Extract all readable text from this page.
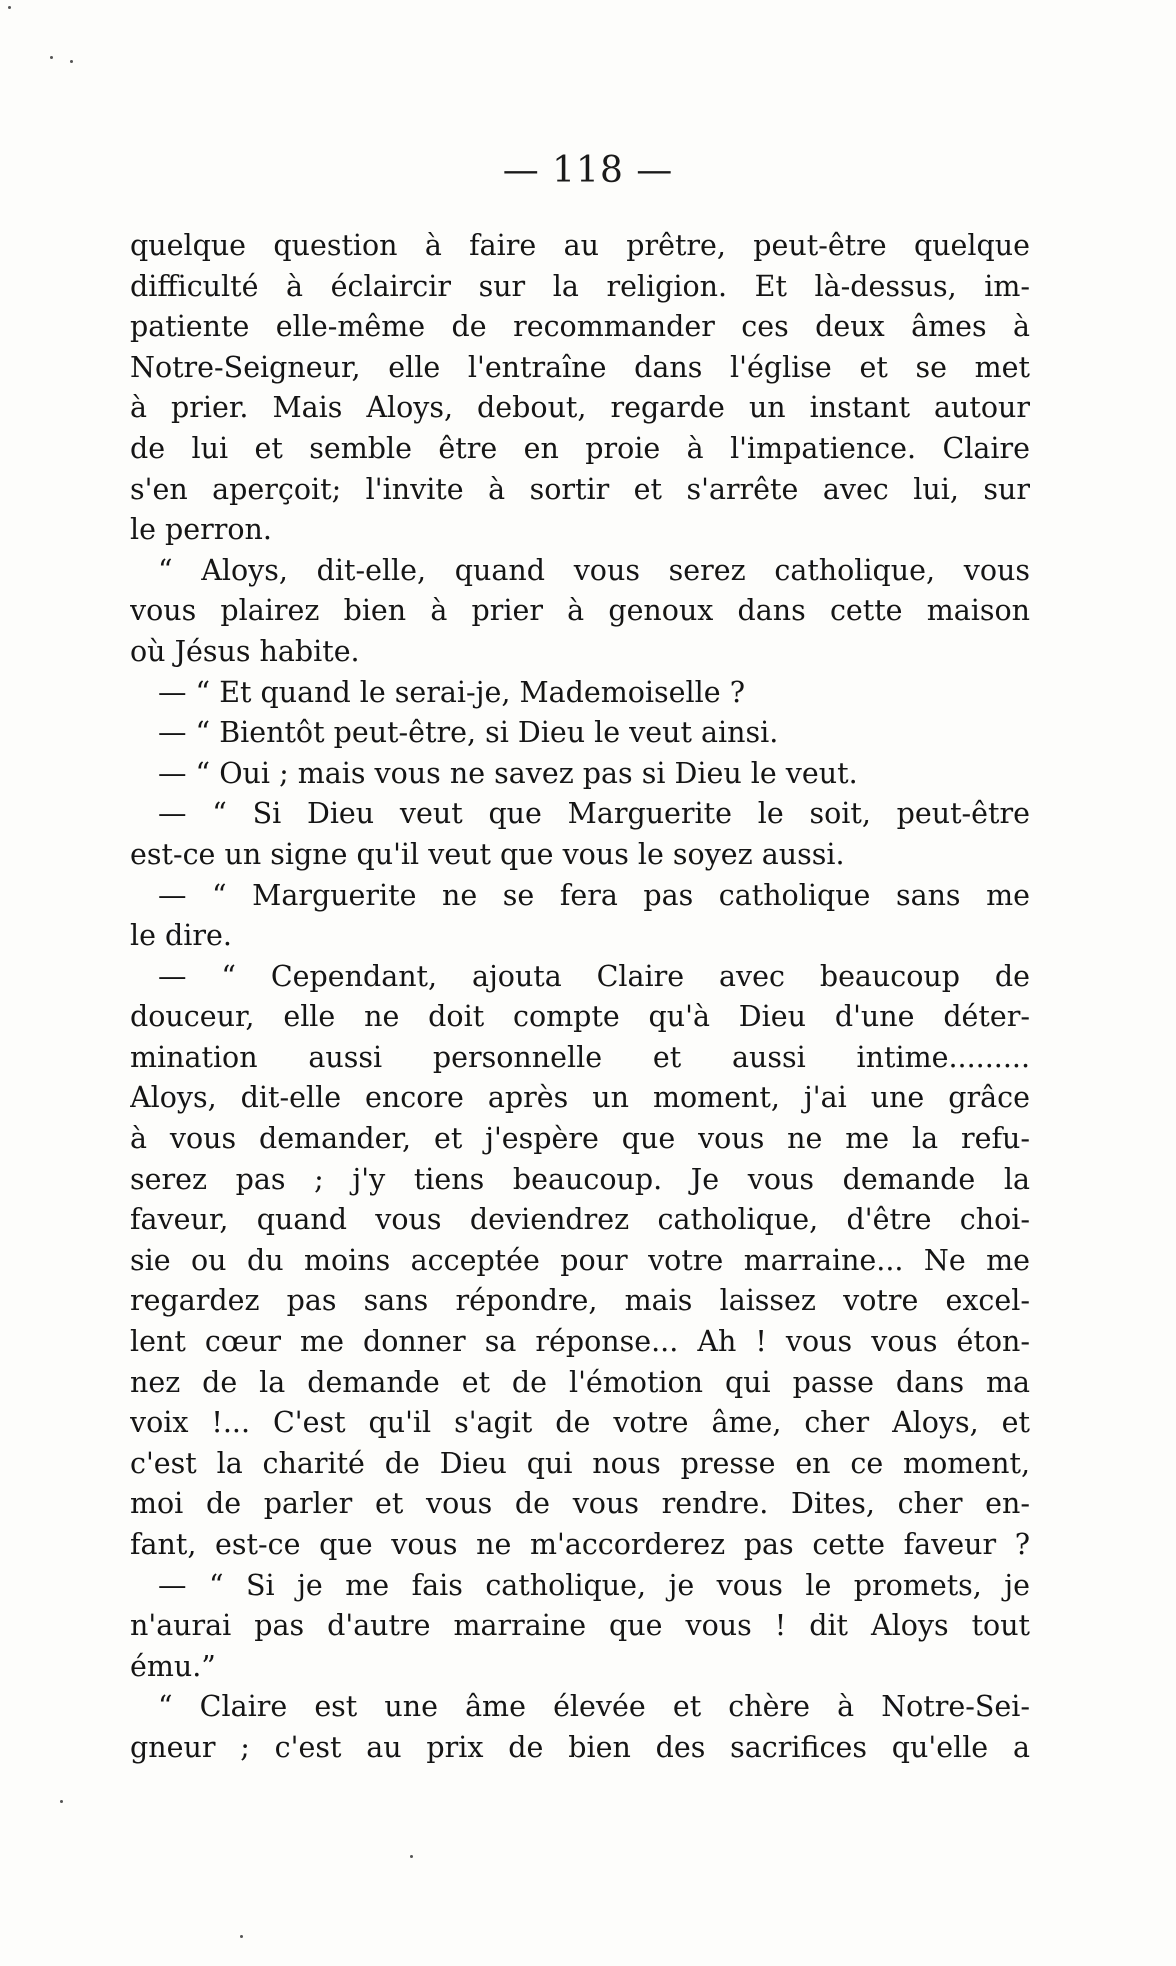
— 118 —
quelque question à faire au prêtre, peut-être quelque
difficulté à éclaircir sur la religion. Et là-dessus, im-
patiente elle-même de recommander ces deux âmes à
Notre-Seigneur, elle l'entraîne dans l'église et se met
à prier. Mais Aloys, debout, regarde un instant autour
de lui et semble être en proie à l'impatience. Claire
s'en aperçoit; l'invite à sortir et s'arrête avec lui, sur
le perron.
“ Aloys, dit-elle, quand vous serez catholique, vous
vous plairez bien à prier à genoux dans cette maison
où Jésus habite.
— “ Et quand le serai-je, Mademoiselle ?
— “ Bientôt peut-être, si Dieu le veut ainsi.
— “ Oui ; mais vous ne savez pas si Dieu le veut.
— “ Si Dieu veut que Marguerite le soit, peut-être
est-ce un signe qu'il veut que vous le soyez aussi.
— “ Marguerite ne se fera pas catholique sans me
le dire.
— “ Cependant, ajouta Claire avec beaucoup de
douceur, elle ne doit compte qu'à Dieu d'une déter-
mination aussi personnelle et aussi intime.........
Aloys, dit-elle encore après un moment, j'ai une grâce
à vous demander, et j'espère que vous ne me la refu-
serez pas ; j'y tiens beaucoup. Je vous demande la
faveur, quand vous deviendrez catholique, d'être choi-
sie ou du moins acceptée pour votre marraine... Ne me
regardez pas sans répondre, mais laissez votre excel-
lent cœur me donner sa réponse... Ah ! vous vous éton-
nez de la demande et de l'émotion qui passe dans ma
voix !... C'est qu'il s'agit de votre âme, cher Aloys, et
c'est la charité de Dieu qui nous presse en ce moment,
moi de parler et vous de vous rendre. Dites, cher en-
fant, est-ce que vous ne m'accorderez pas cette faveur ?
— “ Si je me fais catholique, je vous le promets, je
n'aurai pas d'autre marraine que vous ! dit Aloys tout
ému.”
“ Claire est une âme élevée et chère à Notre-Sei-
gneur ; c'est au prix de bien des sacrifices qu'elle a
